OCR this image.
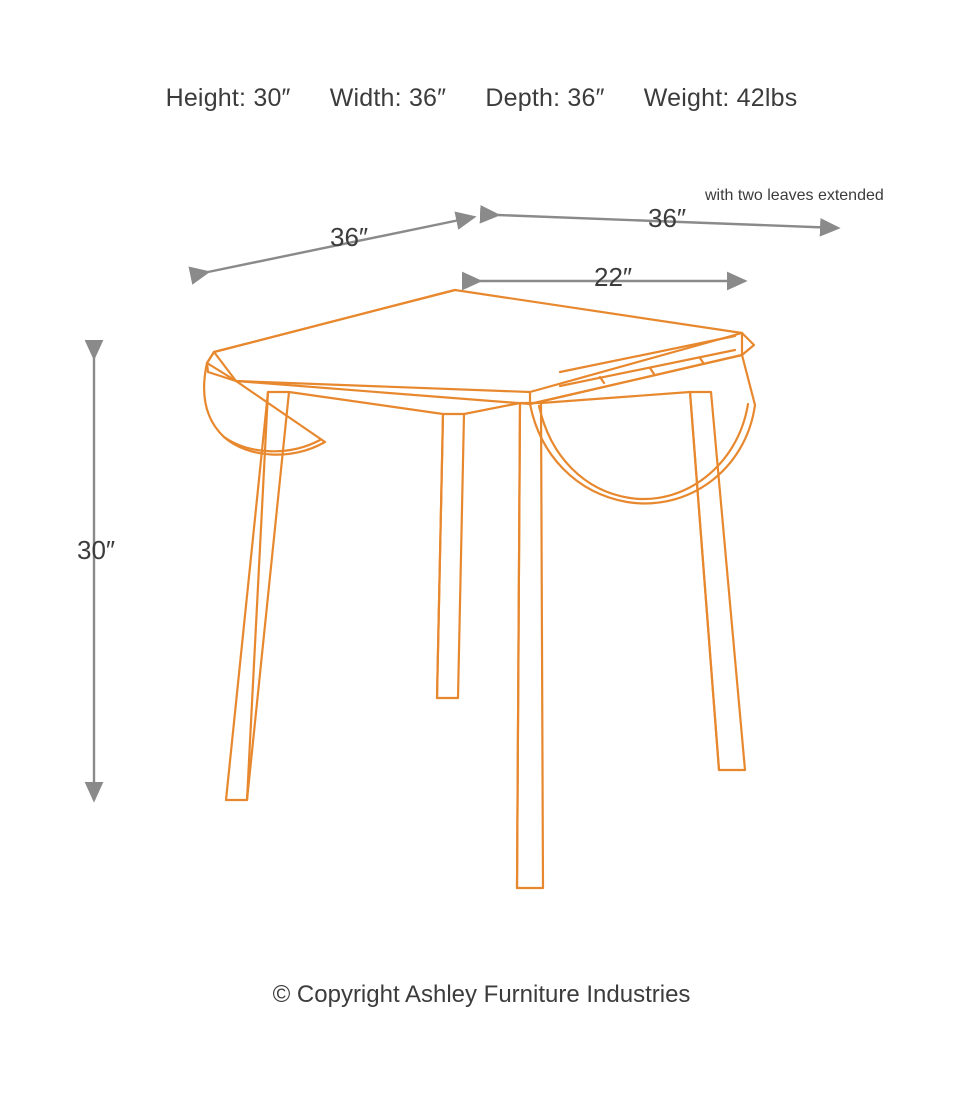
Height: 30″ Width: 36″ Depth: 36″ Weight: 42lbs
36″
36″
22″
30″
with two leaves extended
© Copyright Ashley Furniture Industries
